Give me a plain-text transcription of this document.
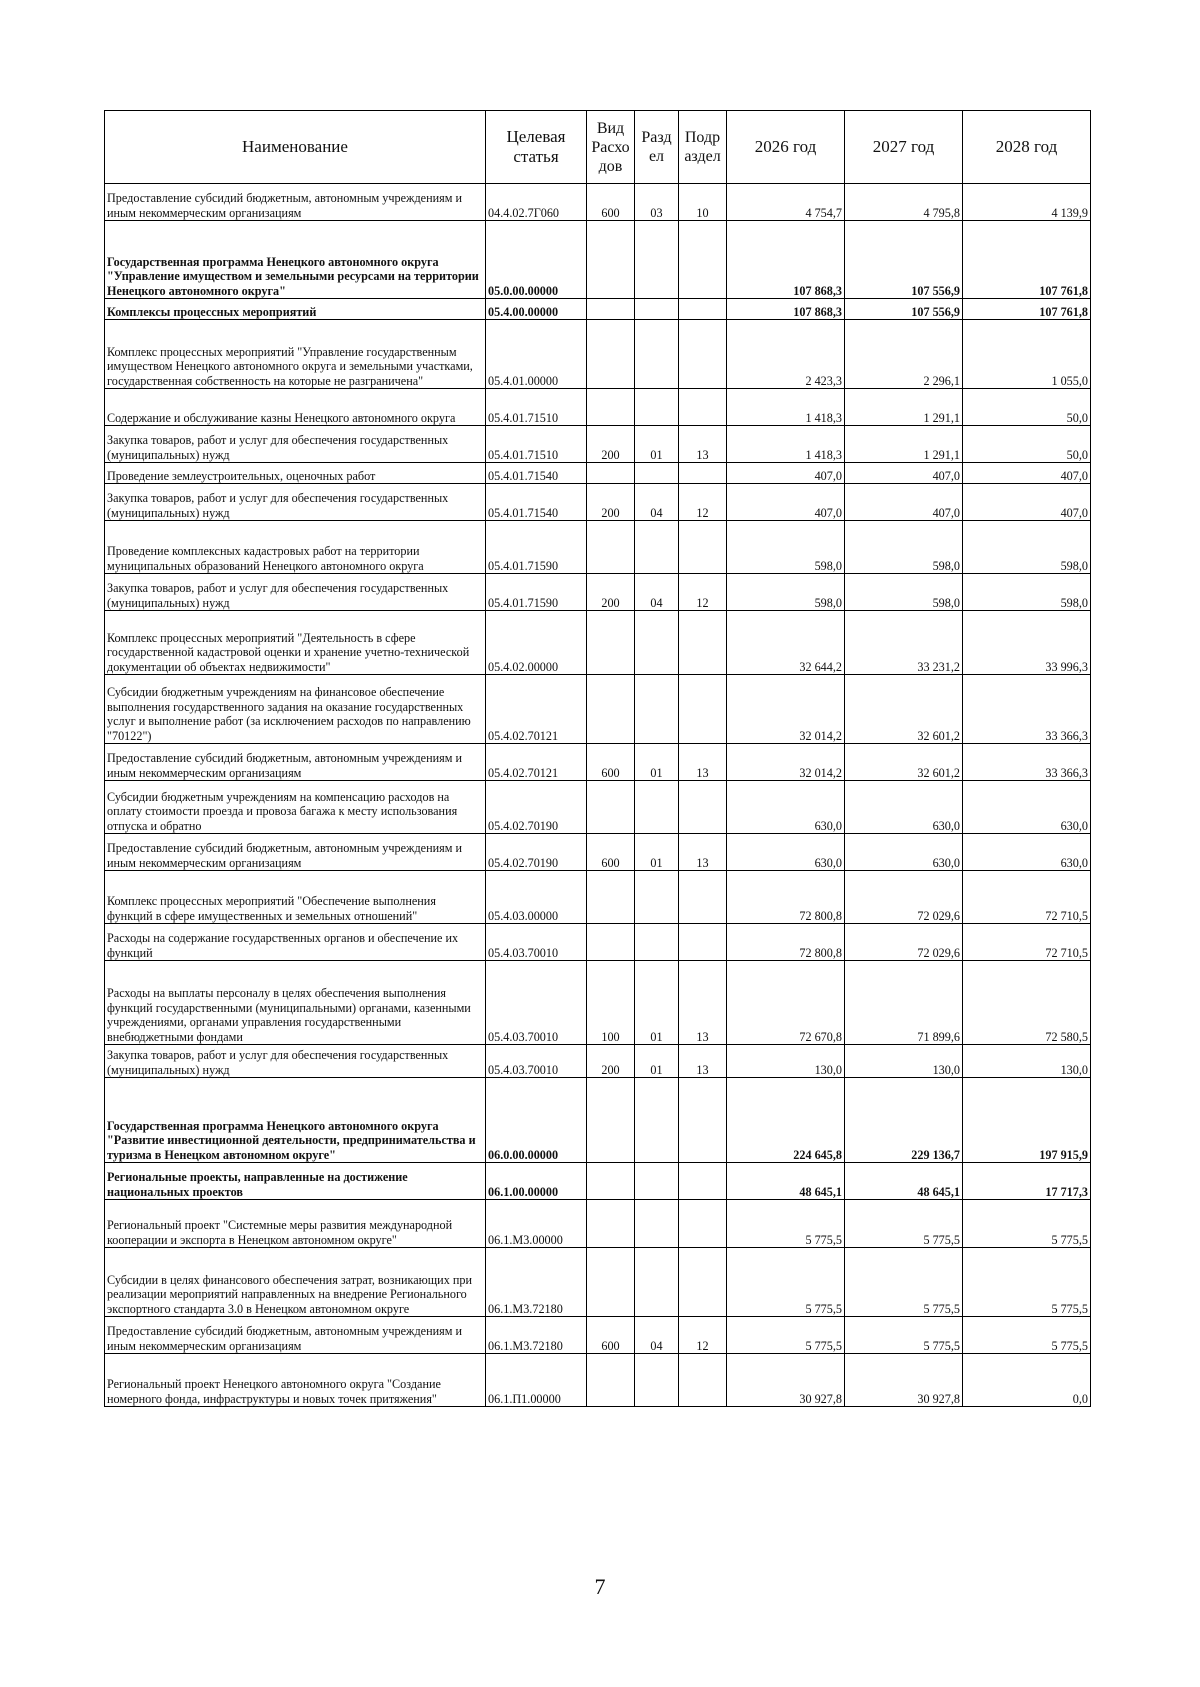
Наименование	Целевая статья	Вид Расхо дов	Разд ел	Подр аздел	2026 год	2027 год	2028 год
Предоставление субсидий бюджетным, автономным учреждениям и иным некоммерческим организациям	04.4.02.7Г060	600	03	10	4 754,7	4 795,8	4 139,9
Государственная программа Ненецкого автономного округа "Управление имуществом и земельными ресурсами на территории Ненецкого автономного округа"	05.0.00.00000				107 868,3	107 556,9	107 761,8
Комплексы процессных мероприятий	05.4.00.00000				107 868,3	107 556,9	107 761,8
Комплекс процессных мероприятий "Управление государственным имуществом Ненецкого автономного округа и земельными участками, государственная собственность на которые не разграничена"	05.4.01.00000				2 423,3	2 296,1	1 055,0
Содержание и обслуживание казны Ненецкого автономного округа	05.4.01.71510				1 418,3	1 291,1	50,0
Закупка товаров, работ и услуг для обеспечения государственных (муниципальных) нужд	05.4.01.71510	200	01	13	1 418,3	1 291,1	50,0
Проведение землеустроительных, оценочных работ	05.4.01.71540				407,0	407,0	407,0
Закупка товаров, работ и услуг для обеспечения государственных (муниципальных) нужд	05.4.01.71540	200	04	12	407,0	407,0	407,0
Проведение комплексных кадастровых работ на территории муниципальных образований Ненецкого автономного округа	05.4.01.71590				598,0	598,0	598,0
Закупка товаров, работ и услуг для обеспечения государственных (муниципальных) нужд	05.4.01.71590	200	04	12	598,0	598,0	598,0
Комплекс процессных мероприятий "Деятельность в сфере государственной кадастровой оценки и хранение учетно-технической документации об объектах недвижимости"	05.4.02.00000				32 644,2	33 231,2	33 996,3
Субсидии бюджетным учреждениям на финансовое обеспечение выполнения государственного задания на оказание государственных услуг и выполнение работ (за исключением расходов по направлению "70122")	05.4.02.70121				32 014,2	32 601,2	33 366,3
Предоставление субсидий бюджетным, автономным учреждениям и иным некоммерческим организациям	05.4.02.70121	600	01	13	32 014,2	32 601,2	33 366,3
Субсидии бюджетным учреждениям на компенсацию расходов на оплату стоимости проезда и провоза багажа к месту использования отпуска и обратно	05.4.02.70190				630,0	630,0	630,0
Предоставление субсидий бюджетным, автономным учреждениям и иным некоммерческим организациям	05.4.02.70190	600	01	13	630,0	630,0	630,0
Комплекс процессных мероприятий "Обеспечение выполнения функций в сфере имущественных и земельных отношений"	05.4.03.00000				72 800,8	72 029,6	72 710,5
Расходы на содержание государственных органов и обеспечение их функций	05.4.03.70010				72 800,8	72 029,6	72 710,5
Расходы на выплаты персоналу в целях обеспечения выполнения функций государственными (муниципальными) органами, казенными учреждениями, органами управления государственными внебюджетными фондами	05.4.03.70010	100	01	13	72 670,8	71 899,6	72 580,5
Закупка товаров, работ и услуг для обеспечения государственных (муниципальных) нужд	05.4.03.70010	200	01	13	130,0	130,0	130,0
Государственная программа Ненецкого автономного округа "Развитие инвестиционной деятельности, предпринимательства и туризма в Ненецком автономном округе"	06.0.00.00000				224 645,8	229 136,7	197 915,9
Региональные проекты, направленные на достижение национальных проектов	06.1.00.00000				48 645,1	48 645,1	17 717,3
Региональный проект "Системные меры развития международной кооперации и экспорта в Ненецком автономном округе"	06.1.M3.00000				5 775,5	5 775,5	5 775,5
Субсидии в целях финансового обеспечения затрат, возникающих при реализации мероприятий направленных на внедрение Регионального экспортного стандарта 3.0 в Ненецком автономном округе	06.1.M3.72180				5 775,5	5 775,5	5 775,5
Предоставление субсидий бюджетным, автономным учреждениям и иным некоммерческим организациям	06.1.M3.72180	600	04	12	5 775,5	5 775,5	5 775,5
Региональный проект Ненецкого автономного округа "Создание номерного фонда, инфраструктуры и новых точек притяжения"	06.1.П1.00000				30 927,8	30 927,8	0,0
7
